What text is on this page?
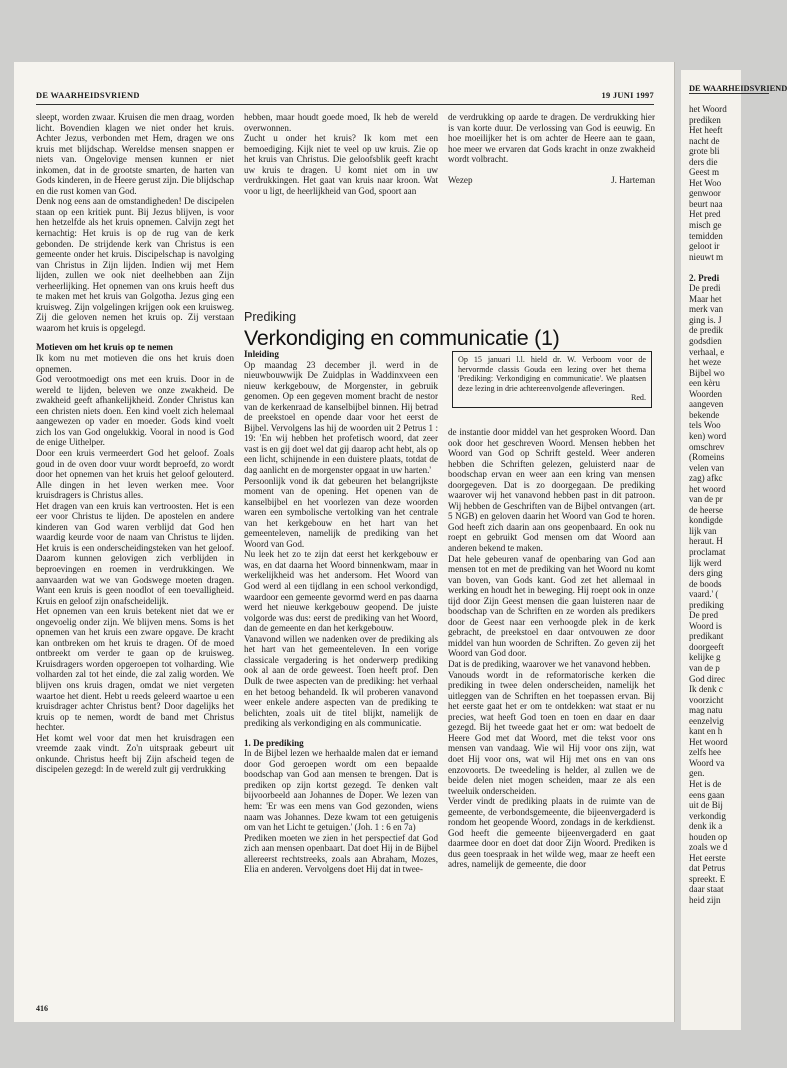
DE WAARHEIDSVRIEND	19 JUNI 1997

sleept, worden zwaar. Kruisen die men draag, worden licht. Bovendien klagen we niet onder het kruis. Achter Jezus, verbonden met Hem, dragen we ons kruis met blijdschap. Wereldse mensen snappen er niets van. Ongelovige mensen kunnen er niet inkomen, dat in de grootste smarten, de harten van Gods kinderen, in de Heere gerust zijn. Die blijdschap en die rust komen van God.

Denk nog eens aan de omstandigheden! De discipelen staan op een kritiek punt. Bij Jezus blijven, is voor hen hetzelfde als het kruis opnemen. Calvijn zegt het kernachtig: Het kruis is op de rug van de kerk gebonden. De strijdende kerk van Christus is een gemeente onder het kruis. Discipelschap is navolging van Christus in Zijn lijden. Indien wij met Hem lijden, zullen we ook niet deelhebben aan Zijn verheerlijking. Het opnemen van ons kruis heeft dus te maken met het kruis van Golgotha. Jezus ging een kruisweg. Zijn volgelingen krijgen ook een kruisweg. Zij die geloven nemen het kruis op. Zij verstaan waarom het kruis is opgelegd.

Motieven om het kruis op te nemen

Ik kom nu met motieven die ons het kruis doen opnemen.

God verootmoedigt ons met een kruis. Door in de wereld te lijden, beleven we onze zwakheid. De zwakheid geeft afhankelijkheid. Zonder Christus kan een christen niets doen. Een kind voelt zich helemaal aangewezen op vader en moeder. Gods kind voelt zich los van God ongelukkig. Vooral in nood is God de enige Uithelper.

Door een kruis vermeerdert God het geloof. Zoals goud in de oven door vuur wordt beproefd, zo wordt door het opnemen van het kruis het geloof gelouterd. Alle dingen in het leven werken mee. Voor kruisdragers is Christus alles.

Het dragen van een kruis kan vertroosten. Het is een eer voor Christus te lijden. De apostelen en andere kinderen van God waren verblijd dat God hen waardig keurde voor de naam van Christus te lijden. Het kruis is een onderscheidingsteken van het geloof. Daarom kunnen gelovigen zich verblijden in beproevingen en roemen in verdrukkingen. We aanvaarden wat we van Godswege moeten dragen. Want een kruis is geen noodlot of een toevalligheid. Kruis en geloof zijn onafscheidelijk.

Het opnemen van een kruis betekent niet dat we er ongevoelig onder zijn. We blijven mens. Soms is het opnemen van het kruis een zware opgave. De kracht kan ontbreken om het kruis te dragen. Of de moed ontbreekt om verder te gaan op de kruisweg. Kruisdragers worden opgeroepen tot volharding. Wie volharden zal tot het einde, die zal zalig worden. We blijven ons kruis dragen, omdat we niet vergeten waartoe het dient. Hebt u reeds geleerd waartoe u een kruisdrager achter Christus bent? Door dagelijks het kruis op te nemen, wordt de band met Christus hechter.

Het komt wel voor dat men het kruisdragen een vreemde zaak vindt. Zo'n uitspraak gebeurt uit onkunde. Christus heeft bij Zijn afscheid tegen de discipelen gezegd: In de wereld zult gij verdrukking

hebben, maar houdt goede moed, Ik heb de wereld overwonnen.

Zucht u onder het kruis? Ik kom met een bemoediging. Kijk niet te veel op uw kruis. Zie op het kruis van Christus. Die geloofsblik geeft kracht uw kruis te dragen. U komt niet om in uw verdrukkingen. Het gaat van kruis naar kroon. Wat voor u ligt, de heerlijkheid van God, spoort aan

de verdrukking op aarde te dragen. De verdrukking hier is van korte duur. De verlossing van God is eeuwig. En hoe moeilijker het is om achter de Heere aan te gaan, hoe meer we ervaren dat Gods kracht in onze zwakheid wordt volbracht.

Wezep	J. Harteman
Prediking
Verkondiging en communicatie (1)
Op 15 januari l.l. hield dr. W. Verboom voor de hervormde classis Gouda een lezing over het thema 'Prediking: Verkondiging en communicatie'. We plaatsen deze lezing in drie achtereenvolgende afleveringen.
Red.
Inleiding

Op maandag 23 december jl. werd in de nieuwbouwwijk De Zuidplas in Waddinxveen een nieuw kerkgebouw, de Morgenster, in gebruik genomen. Op een gegeven moment bracht de nestor van de kerkenraad de kanselbijbel binnen. Hij betrad de preekstoel en opende daar voor het eerst de Bijbel. Vervolgens las hij de woorden uit 2 Petrus 1 : 19: 'En wij hebben het profetisch woord, dat zeer vast is en gij doet wel dat gij daarop acht hebt, als op een licht, schijnende in een duistere plaats, totdat de dag aanlicht en de morgenster opgaat in uw harten.'

Persoonlijk vond ik dat gebeuren het belangrijkste moment van de opening. Het openen van de kanselbijbel en het voorlezen van deze woorden waren een symbolische vertolking van het centrale van het kerkgebouw en het hart van het gemeenteleven, namelijk de prediking van het Woord van God.

Nu leek het zo te zijn dat eerst het kerkgebouw er was, en dat daarna het Woord binnenkwam, maar in werkelijkheid was het andersom. Het Woord van God werd al een tijdlang in een school verkondigd, waardoor een gemeente gevormd werd en pas daarna werd het nieuwe kerkgebouw geopend. De juiste volgorde was dus: eerst de prediking van het Woord, dan de gemeente en dan het kerkgebouw.

Vanavond willen we nadenken over de prediking als het hart van het gemeenteleven. In een vorige classicale vergadering is het onderwerp prediking ook al aan de orde geweest. Toen heeft prof. Den Dulk de twee aspecten van de prediking: het verhaal en het betoog behandeld. Ik wil proberen vanavond weer enkele andere aspecten van de prediking te belichten, zoals uit de titel blijkt, namelijk de prediking als verkondiging en als communicatie.

1. De prediking

In de Bijbel lezen we herhaalde malen dat er iemand door God geroepen wordt om een bepaalde boodschap van God aan mensen te brengen. Dat is prediken op zijn kortst gezegd. Te denken valt bijvoorbeeld aan Johannes de Doper. We lezen van hem: 'Er was een mens van God gezonden, wiens naam was Johannes. Deze kwam tot een getuigenis om van het Licht te getuigen.' (Joh. 1 : 6 en 7a)

Prediken moeten we zien in het perspectief dat God zich aan mensen openbaart. Dat doet Hij in de Bijbel allereerst rechtstreeks, zoals aan Abraham, Mozes, Elia en anderen. Vervolgens doet Hij dat in twee-

de instantie door middel van het gesproken Woord. Dan ook door het geschreven Woord. Mensen hebben het Woord van God op Schrift gesteld. Weer anderen hebben die Schriften gelezen, geluisterd naar de boodschap ervan en weer aan een kring van mensen doorgegeven. Dat is zo doorgegaan. De prediking waarover wij het vanavond hebben past in dit patroon. Wij hebben de Geschriften van de Bijbel ontvangen (art. 5 NGB) en geloven daarin het Woord van God te horen. God heeft zich daarin aan ons geopenbaard. En ook nu roept en gebruikt God mensen om dat Woord aan anderen bekend te maken.

Dat hele gebeuren vanaf de openbaring van God aan mensen tot en met de prediking van het Woord nu komt van boven, van Gods kant. God zet het allemaal in werking en houdt het in beweging. Hij roept ook in onze tijd door Zijn Geest mensen die gaan luisteren naar de boodschap van de Schriften en ze worden als predikers door de Geest naar een verhoogde plek in de kerk gebracht, de preekstoel en daar ontvouwen ze door middel van hun woorden de Schriften. Zo geven zij het Woord van God door.

Dat is de prediking, waarover we het vanavond hebben.

Vanouds wordt in de reformatorische kerken die prediking in twee delen onderscheiden, namelijk het uitleggen van de Schriften en het toepassen ervan. Bij het eerste gaat het er om te ontdekken: wat staat er nu precies, wat heeft God toen en toen en daar en daar gezegd. Bij het tweede gaat het er om: wat bedoelt de Heere God met dat Woord, met die tekst voor ons mensen van vandaag. Wie wil Hij voor ons zijn, wat doet Hij voor ons, wat wil Hij met ons en van ons enzovoorts. De tweedeling is helder, al zullen we de beide delen niet mogen scheiden, maar ze als een tweeluik onderscheiden.

Verder vindt de prediking plaats in de ruimte van de gemeente, de verbondsgemeente, die bijeenvergaderd is rondom het geopende Woord, zondags in de kerkdienst. God heeft die gemeente bijeenvergaderd en gaat daarmee door en doet dat door Zijn Woord. Prediken is dus geen toespraak in het wilde weg, maar ze heeft een adres, namelijk de gemeente, die door

416
DE WAARHEIDSVRIEND

het Woord

prediken

Het heeft

nacht de

grote bli

ders die

Geest m

Het Woo

genwoor

beurt naa

Het pred

misch ge

temidden

geloot ir

nieuwt m

2. Predi

De predi

Maar het

merk van

ging is. J

de predik

godsdien

verhaal, e

het weze

Bijbel wo

een kèru

Woorden

aangeven

bekende

tels Woo

ken) word

omschrev

(Romeins

velen van

zag) afkc

het woord

van de pr

de heerse

kondigde

lijk van

heraut. H

proclamat

lijk werd

ders ging

de boods

vaard.' (

prediking

De pred

Woord is

predikant

doorgeeft

kelijke g

van de p

God direc

Ik denk c

voorzicht

mag natu

eenzelvig

kant en h

Het woord

zelfs hee

Woord va

gen.

Het is de

eens gaan

uit de Bij

verkondig

denk ik a

houden op

zoals we d

Het eerste

dat Petrus

spreekt. E

daar staat

heid zijn
